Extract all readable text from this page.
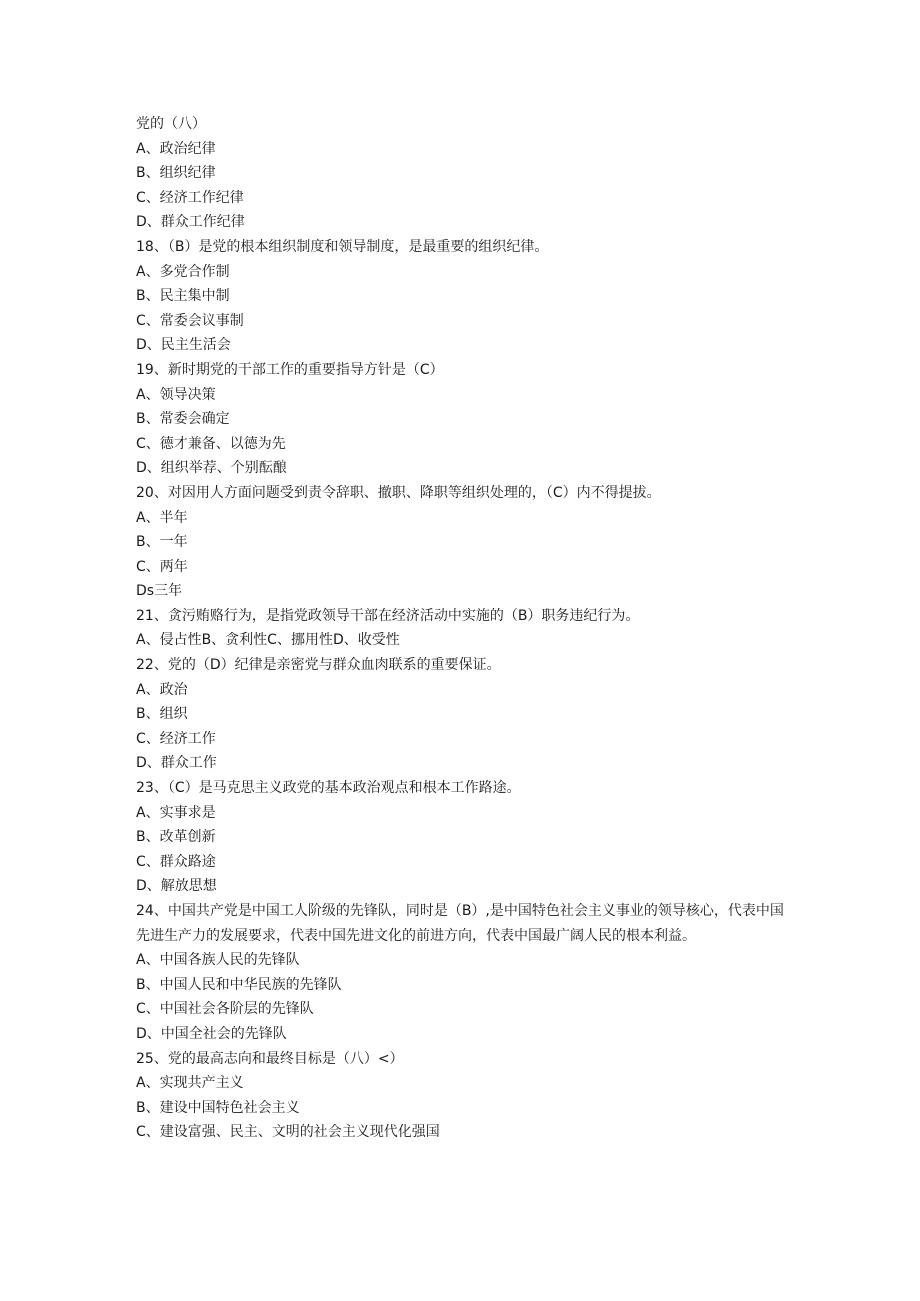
党的（八）
A、政治纪律
B、组织纪律
C、经济工作纪律
D、群众工作纪律
18、（B）是党的根本组织制度和领导制度，是最重要的组织纪律。
A、多党合作制
B、民主集中制
C、常委会议事制
D、民主生活会
19、新时期党的干部工作的重要指导方针是（C）
A、领导决策
B、常委会确定
C、德才兼备、以德为先
D、组织举荐、个别酝酿
20、对因用人方面问题受到责令辞职、撤职、降职等组织处理的，（C）内不得提拔。
A、半年
B、一年
C、两年
Ds三年
21、贪污贿赂行为，是指党政领导干部在经济活动中实施的（B）职务违纪行为。
A、侵占性B、贪利性C、挪用性D、收受性
22、党的（D）纪律是亲密党与群众血肉联系的重要保证。
A、政治
B、组织
C、经济工作
D、群众工作
23、（C）是马克思主义政党的基本政治观点和根本工作路途。
A、实事求是
B、改革创新
C、群众路途
D、解放思想
24、中国共产党是中国工人阶级的先锋队，同时是（B）,是中国特色社会主义事业的领导核心，代表中国先进生产力的发展要求，代表中国先进文化的前进方向，代表中国最广阔人民的根本利益。
A、中国各族人民的先锋队
B、中国人民和中华民族的先锋队
C、中国社会各阶层的先锋队
D、中国全社会的先锋队
25、党的最高志向和最终目标是（八）<）
A、实现共产主义
B、建设中国特色社会主义
C、建设富强、民主、文明的社会主义现代化强国
